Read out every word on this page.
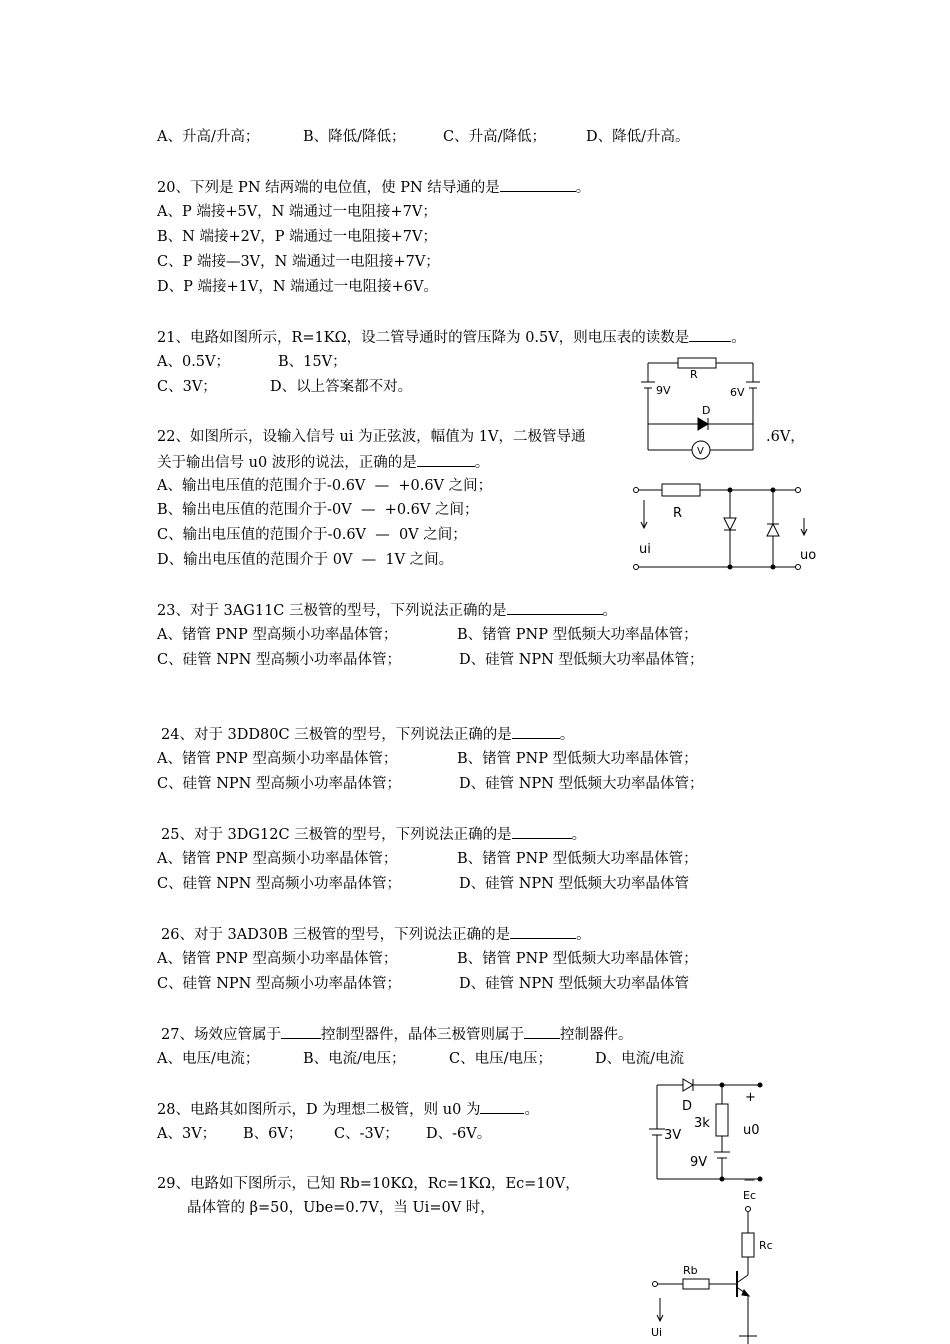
A、升高/升高；	B、降低/降低；	C、升高/降低；	D、降低/升高。
20、下列是 PN 结两端的电位值，使 PN 结导通的是	。
A、P 端接+5V，N 端通过一电阻接+7V；
B、N 端接+2V，P 端通过一电阻接+7V；
C、P 端接—3V，N 端通过一电阻接+7V；
D、P 端接+1V，N 端通过一电阻接+6V。
21、电路如图所示，R=1KΩ，设二管导通时的管压降为 0.5V，则电压表的读数是	。
A、0.5V；	B、15V；
C、3V；	D、以上答案都不对。
R
9V	6V
D
V
22、如图所示，设输入信号 ui 为正弦波，幅值为 1V，二极管导通	.6V，
关于输出信号 u0 波形的说法，正确的是	。
A、输出电压值的范围介于-0.6V  —  +0.6V 之间；
B、输出电压值的范围介于-0V  —  +0.6V 之间；
C、输出电压值的范围介于-0.6V  —  0V 之间；
D、输出电压值的范围介于 0V  —  1V 之间。
R
ui	uo
23、对于 3AG11C 三极管的型号，下列说法正确的是	。
A、锗管 PNP 型高频小功率晶体管；	B、锗管 PNP 型低频大功率晶体管；
C、硅管 NPN 型高频小功率晶体管；	D、硅管 NPN 型低频大功率晶体管；
24、对于 3DD80C 三极管的型号，下列说法正确的是	。
A、锗管 PNP 型高频小功率晶体管；	B、锗管 PNP 型低频大功率晶体管；
C、硅管 NPN 型高频小功率晶体管；	D、硅管 NPN 型低频大功率晶体管；
25、对于 3DG12C 三极管的型号，下列说法正确的是	。
A、锗管 PNP 型高频小功率晶体管；	B、锗管 PNP 型低频大功率晶体管；
C、硅管 NPN 型高频小功率晶体管；	D、硅管 NPN 型低频大功率晶体管
26、对于 3AD30B 三极管的型号，下列说法正确的是	。
A、锗管 PNP 型高频小功率晶体管；	B、锗管 PNP 型低频大功率晶体管；
C、硅管 NPN 型高频小功率晶体管；	D、硅管 NPN 型低频大功率晶体管
27、场效应管属于	控制型器件，晶体三极管则属于 控制器件。
A、电压/电流；	B、电流/电压；	C、电压/电压；	D、电流/电流
28、电路其如图所示，D 为理想二极管，则 u0 为	。
A、3V； B、6V； C、-3V； D、-6V。
D
3k
3V
9V
u0
+
—
29、电路如下图所示，已知 Rb=10KΩ，Rc=1KΩ，Ec=10V，
晶体管的 β=50，Ube=0.7V，当 Ui=0V 时，
Ec
Rc
Rb
Ui
